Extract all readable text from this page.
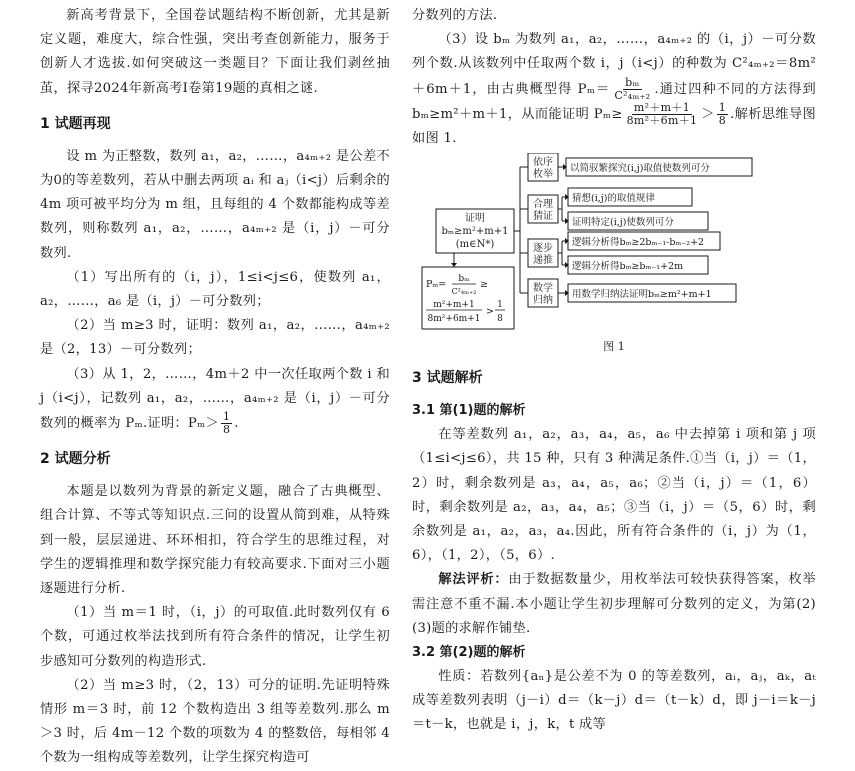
新高考背景下，全国卷试题结构不断创新，尤其是新定义题，难度大，综合性强，突出考查创新能力，服务于创新人才选拔.如何突破这一类题目？下面让我们剥丝抽茧，探寻2024年新高考Ⅰ卷第19题的真相之谜.

1 试题再现

设 m 为正整数，数列 a₁，a₂，……，a₄ₘ₊₂ 是公差不为0的等差数列，若从中删去两项 aᵢ 和 aⱼ（i<j）后剩余的 4m 项可被平均分为 m 组，且每组的 4 个数都能构成等差数列，则称数列 a₁，a₂，……，a₄ₘ₊₂ 是（i，j）－可分数列.

（1）写出所有的（i，j），1≤i<j≤6，使数列 a₁，a₂，……，a₆ 是（i，j）－可分数列；

（2）当 m≥3 时，证明：数列 a₁，a₂，……，a₄ₘ₊₂ 是（2，13）－可分数列；

（3）从 1，2，……，4m＋2 中一次任取两个数 i 和 j（i<j），记数列 a₁，a₂，……，a₄ₘ₊₂ 是（i，j）－可分数列的概率为 Pₘ.证明：$P_m> \frac{1}{8}$ .

2 试题分析

本题是以数列为背景的新定义题，融合了古典概型、组合计算、不等式等知识点.三问的设置从简到难，从特殊到一般，层层递进、环环相扣，符合学生的思维过程，对学生的逻辑推理和数学探究能力有较高要求.下面对三小题逐题进行分析.

（1）当 m＝1 时，（i，j）的可取值.此时数列仅有 6 个数，可通过枚举法找到所有符合条件的情况，让学生初步感知可分数列的构造形式.

（2）当 m≥3 时，（2，13）可分的证明.先证明特殊情形 m＝3 时，前 12 个数构造出 3 组等差数列.那么 m＞3 时，后 4m－12 个数的项数为 4 的整数倍，每相邻 4 个数为一组构成等差数列，让学生探究构造可

分数列的方法.

（3）设 bₘ 为数列 a₁，a₂，……，a₄ₘ₊₂ 的（i，j）－可分数列个数.从该数列中任取两个数 i，j（i<j）的种数为 C²₄ₘ₊₂＝8m²＋6m＋1，由古典概型得 $P_m= \frac{\text{bₘ}}{\text{C²₄ₘ₊₂}}$ .通过四种不同的方法得到 bₘ≥m²＋m＋1，从而能证明 $P_m\ge \frac{\text{m²＋m＋1}}{\text{8m²＋6m＋1}} > \frac{1}{8}$ .解析思维导图如图 1.

证明
bₘ≥m²+m+1
(m∈N*)
Pₘ= bₘ
C²₄ₘ₊₂
≥
m²+m+1
8m²+6m+1
>
1
8
依序
枚举
合理
猜证
逐步
递推
数学
归纳
以简驭繁探究(i,j)取值使数列可分
猜想(i,j)的取值规律
证明特定(i,j)使数列可分
逻辑分析得bₘ≥2bₘ₋₁-bₘ₋₂+2
逻辑分析得bₘ≥bₘ₋₁+2m
用数学归纳法证明bₘ≥m²+m+1
图 1
3 试题解析
3.1 第(1)题的解析

在等差数列 a₁，a₂，a₃，a₄，a₅，a₆ 中去掉第 i 项和第 j 项（1≤i<j≤6），共 15 种，只有 3 种满足条件.①当（i，j）＝（1，2）时，剩余数列是 a₃，a₄，a₅，a₆；②当（i，j）＝（1，6）时，剩余数列是 a₂，a₃，a₄，a₅；③当（i，j）＝（5，6）时，剩余数列是 a₁，a₂，a₃，a₄.因此，所有符合条件的（i，j）为（1，6），（1，2），（5，6）.

解法评析：由于数据数量少，用枚举法可较快获得答案，枚举需注意不重不漏.本小题让学生初步理解可分数列的定义，为第(2)(3)题的求解作铺垫.

3.2 第(2)题的解析

性质：若数列{aₙ}是公差不为 0 的等差数列，aᵢ，aⱼ，aₖ，aₜ 成等差数列表明（j－i）d＝（k－j）d＝（t－k）d，即 j－i＝k－j＝t－k，也就是 i，j，k，t 成等
